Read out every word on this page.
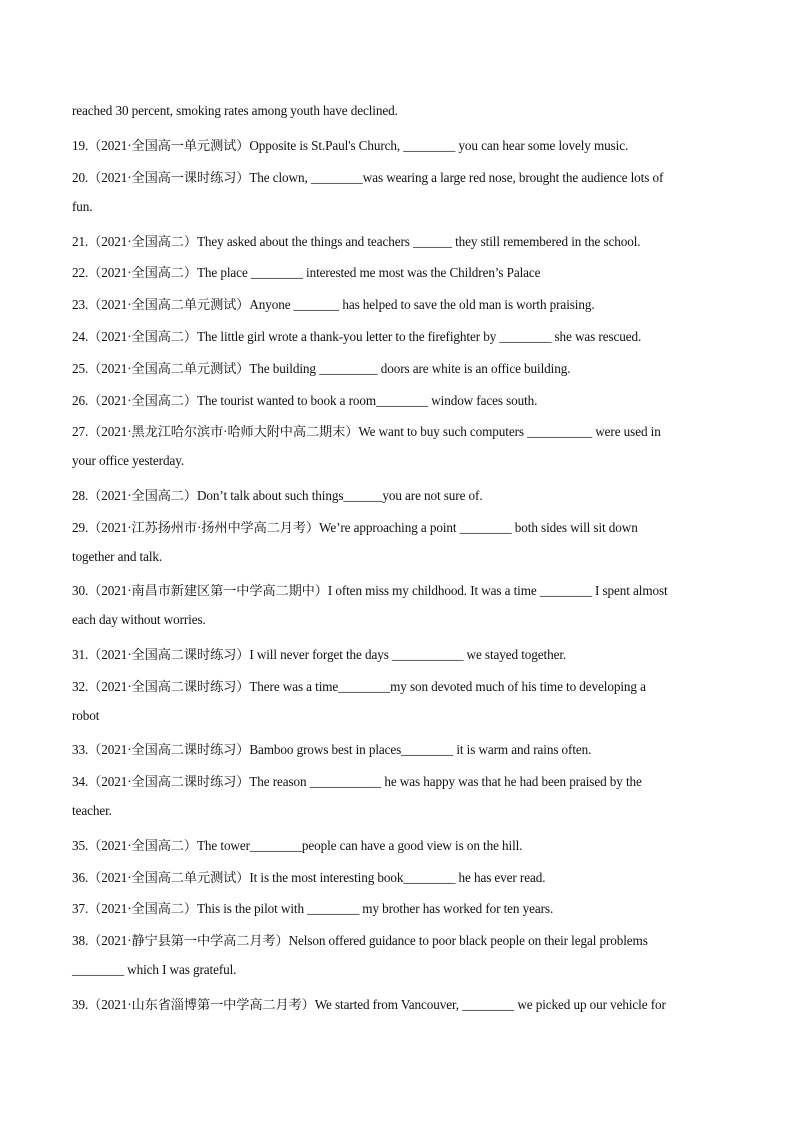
reached 30 percent, smoking rates among youth have declined.
19.（2021·全国高一单元测试）Opposite is St.Paul's Church, ________ you can hear some lovely music.
20.（2021·全国高一课时练习）The clown, ________was wearing a large red nose, brought the audience lots of
fun.
21.（2021·全国高二）They asked about the things and teachers ______ they still remembered in the school.
22.（2021·全国高二）The place ________ interested me most was the Children’s Palace
23.（2021·全国高二单元测试）Anyone _______ has helped to save the old man is worth praising.
24.（2021·全国高二）The little girl wrote a thank-you letter to the firefighter by ________ she was rescued.
25.（2021·全国高二单元测试）The building _________ doors are white is an office building.
26.（2021·全国高二）The tourist wanted to book a room________ window faces south.
27.（2021·黑龙江哈尔滨市·哈师大附中高二期末）We want to buy such computers __________ were used in
your office yesterday.
28.（2021·全国高二）Don’t talk about such things______you are not sure of.
29.（2021·江苏扬州市·扬州中学高二月考）We’re approaching a point ________ both sides will sit down
together and talk.
30.（2021·南昌市新建区第一中学高二期中）I often miss my childhood. It was a time ________ I spent almost
each day without worries.
31.（2021·全国高二课时练习）I will never forget the days ___________ we stayed together.
32.（2021·全国高二课时练习）There was a time________my son devoted much of his time to developing a
robot
33.（2021·全国高二课时练习）Bamboo grows best in places________ it is warm and rains often.
34.（2021·全国高二课时练习）The reason ___________ he was happy was that he had been praised by the
teacher.
35.（2021·全国高二）The tower________people can have a good view is on the hill.
36.（2021·全国高二单元测试）It is the most interesting book________ he has ever read.
37.（2021·全国高二）This is the pilot with ________ my brother has worked for ten years.
38.（2021·静宁县第一中学高二月考）Nelson offered guidance to poor black people on their legal problems
________ which I was grateful.
39.（2021·山东省淄博第一中学高二月考）We started from Vancouver, ________ we picked up our vehicle for
